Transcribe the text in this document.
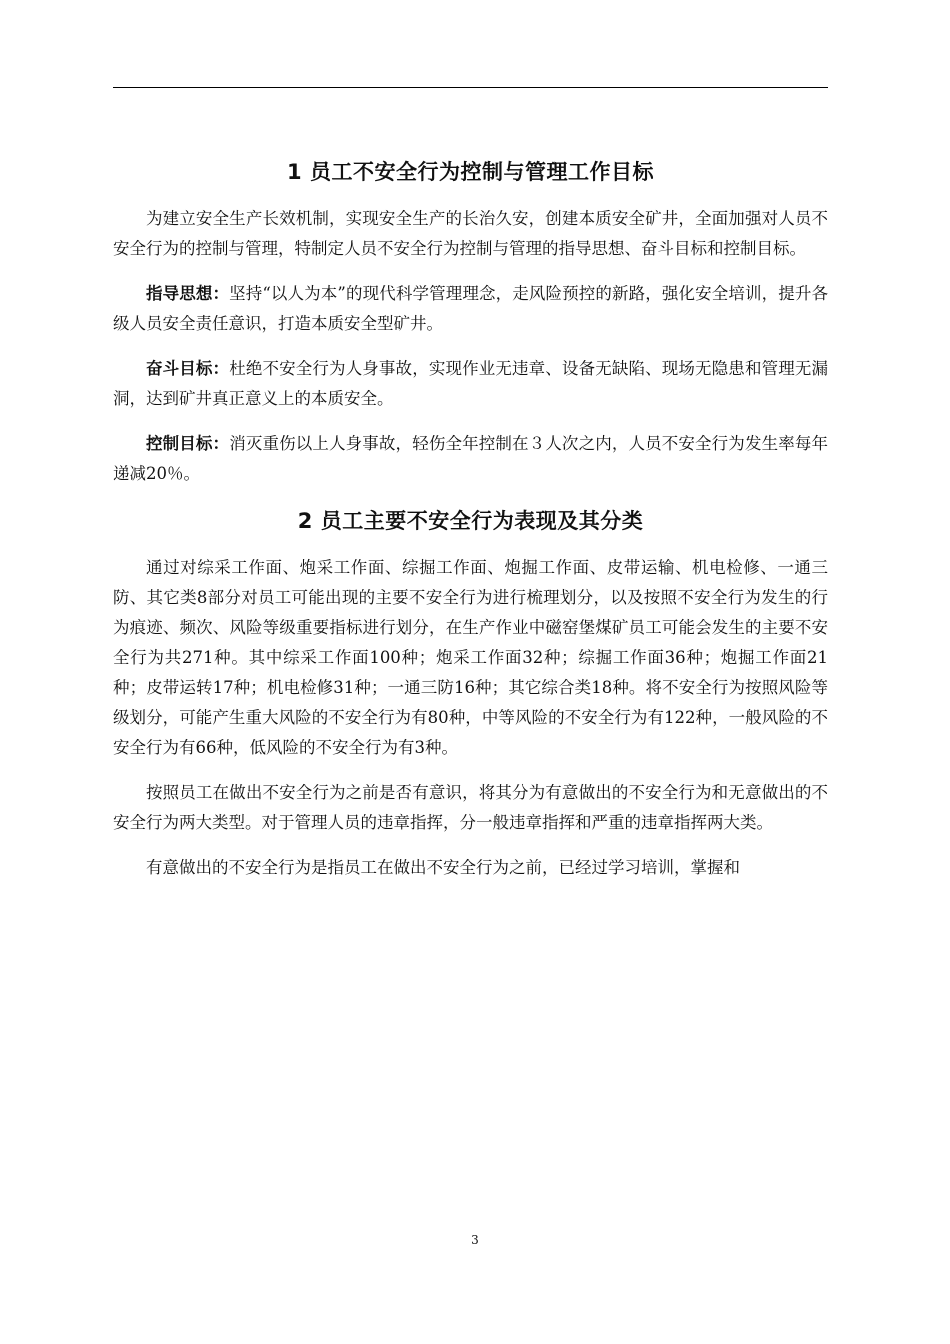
1 员工不安全行为控制与管理工作目标

为建立安全生产长效机制，实现安全生产的长治久安，创建本质安全矿井，全面加强对人员不安全行为的控制与管理，特制定人员不安全行为控制与管理的指导思想、奋斗目标和控制目标。

指导思想：坚持“以人为本”的现代科学管理理念，走风险预控的新路，强化安全培训，提升各级人员安全责任意识，打造本质安全型矿井。

奋斗目标：杜绝不安全行为人身事故，实现作业无违章、设备无缺陷、现场无隐患和管理无漏洞，达到矿井真正意义上的本质安全。

控制目标：消灭重伤以上人身事故，轻伤全年控制在３人次之内，人员不安全行为发生率每年递减20％。

2 员工主要不安全行为表现及其分类

通过对综采工作面、炮采工作面、综掘工作面、炮掘工作面、皮带运输、机电检修、一通三防、其它类8部分对员工可能出现的主要不安全行为进行梳理划分，以及按照不安全行为发生的行为痕迹、频次、风险等级重要指标进行划分，在生产作业中磁窑堡煤矿员工可能会发生的主要不安全行为共271种。其中综采工作面100种；炮采工作面32种；综掘工作面36种；炮掘工作面21种；皮带运转17种；机电检修31种；一通三防16种；其它综合类18种。将不安全行为按照风险等级划分，可能产生重大风险的不安全行为有80种，中等风险的不安全行为有122种，一般风险的不安全行为有66种，低风险的不安全行为有3种。

按照员工在做出不安全行为之前是否有意识，将其分为有意做出的不安全行为和无意做出的不安全行为两大类型。对于管理人员的违章指挥，分一般违章指挥和严重的违章指挥两大类。

有意做出的不安全行为是指员工在做出不安全行为之前，已经过学习培训，掌握和

3
